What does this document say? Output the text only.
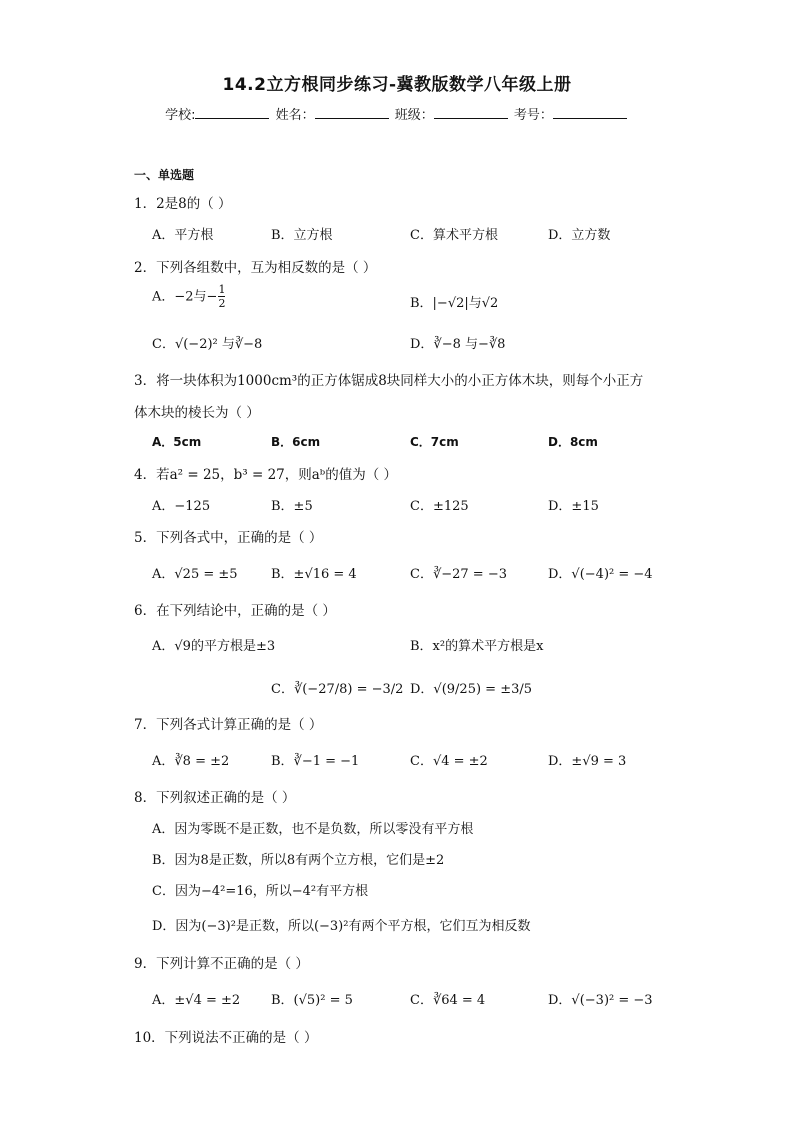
14.2立方根同步练习-冀教版数学八年级上册
学校:	姓名：	班级：	考号：
一、单选题
1．2是8的（ ）
A．平方根	B．立方根	C．算术平方根	D．立方数
2．下列各组数中，互为相反数的是（ ）
A．−2与− $\frac{1}{2}$	B．|−√2|与√2
C．√(−2)² 与∛−8	D．∛−8 与−∛8
3．将一块体积为1000cm³的正方体锯成8块同样大小的小正方体木块，则每个小正方
体木块的棱长为（ ）
A．5cm	B．6cm	C．7cm	D．8cm
4．若a² = 25，b³ = 27，则aᵇ的值为（ ）
A．−125	B．±5	C．±125	D．±15
5．下列各式中，正确的是（ ）
A．√25 = ±5	B．±√16 = 4	C．∛−27 = −3	D．√(−4)² = −4
6．在下列结论中，正确的是（ ）
A．√9的平方根是±3	B．x²的算术平方根是x
C．∛(−27/8) = −3/2 D．√(9/25) = ±3/5
7．下列各式计算正确的是（ ）
A．∛8 = ±2	B．∛−1 = −1	C．√4 = ±2	D．±√9 = 3
8．下列叙述正确的是（ ）
A．因为零既不是正数，也不是负数，所以零没有平方根
B．因为8是正数，所以8有两个立方根，它们是±2
C．因为−4²=16，所以−4²有平方根
D．因为(−3)²是正数，所以(−3)²有两个平方根，它们互为相反数
9．下列计算不正确的是（ ）
A．±√4 = ±2 B．(√5)² = 5	C．∛64 = 4	D．√(−3)² = −3
10．下列说法不正确的是（ ）
